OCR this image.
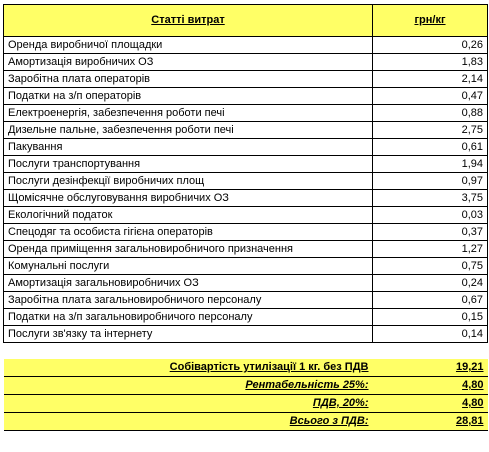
Статті витрат	грн/кг
Оренда виробничої площадки	0,26
Амортизація виробничих ОЗ	1,83
Заробітна плата операторів	2,14
Податки на з/п операторів	0,47
Електроенергія, забезпечення роботи печі	0,88
Дизельне пальне, забезпечення роботи печі	2,75
Пакування	0,61
Послуги транспортування	1,94
Послуги дезінфекції виробничих площ	0,97
Щомісячне обслуговування виробничих ОЗ	3,75
Екологічний податок	0,03
Спецодяг та особиста гігієна операторів	0,37
Оренда приміщення загальновиробничого призначення	1,27
Комунальні послуги	0,75
Амортизація загальновиробничих ОЗ	0,24
Заробітна плата загальновиробничого персоналу	0,67
Податки на з/п загальновиробничого персоналу	0,15
Послуги зв'язку та інтернету	0,14

Собівартість утилізації 1 кг. без ПДВ	19,21
Рентабельність 25%:	4,80
ПДВ, 20%:	4,80
Всього з ПДВ:	28,81
